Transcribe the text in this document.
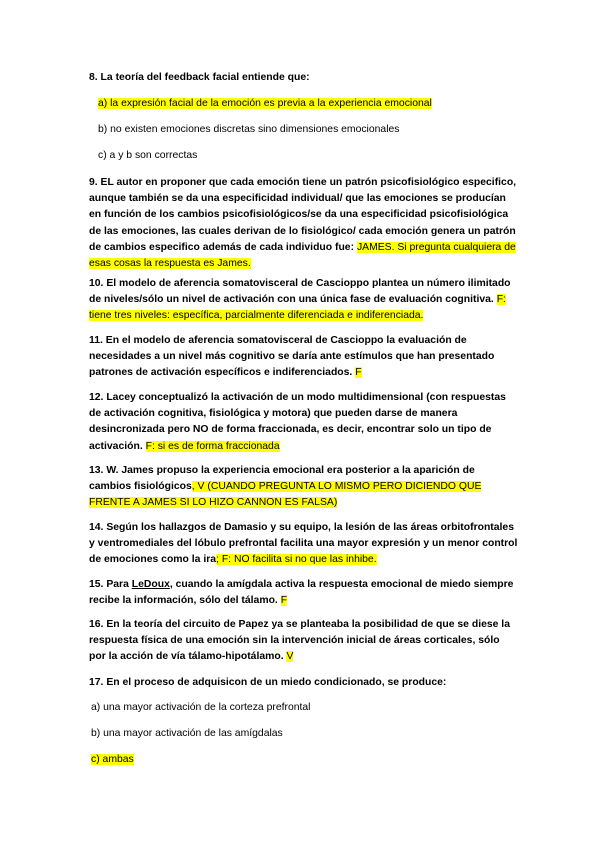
8. La teoría del feedback facial entiende que:

a) la expresión facial de la emoción es previa a la experiencia emocional

b) no existen emociones discretas sino dimensiones emocionales

c) a y b son correctas

9. EL autor en proponer que cada emoción tiene un patrón psicofisiológico especifico, aunque también se da una especificidad individual/ que las emociones se producían en función de los cambios psicofisiológicos/se da una especificidad psicofisiológica de las emociones, las cuales derivan de lo fisiológico/ cada emoción genera un patrón de cambios especifico además de cada individuo fue: JAMES. Si pregunta cualquiera de esas cosas la respuesta es James.

10. El modelo de aferencia somatovisceral de Cascioppo plantea un número ilimitado de niveles/sólo un nivel de activación con una única fase de evaluación cognitiva. F: tiene tres niveles: específica, parcialmente diferenciada e indiferenciada.

11. En el modelo de aferencia somatovisceral de Cascioppo la evaluación de necesidades a un nivel más cognitivo se daría ante estímulos que han presentado patrones de activación específicos e indiferenciados. F

12. Lacey conceptualizó la activación de un modo multidimensional (con respuestas de activación cognitiva, fisiológica y motora) que pueden darse de manera desincronizada pero NO de forma fraccionada, es decir, encontrar solo un tipo de activación. F: si es de forma fraccionada

13. W. James propuso la experiencia emocional era posterior a la aparición de cambios fisiológicos, V (CUANDO PREGUNTA LO MISMO PERO DICIENDO QUE FRENTE A JAMES SI LO HIZO CANNON ES FALSA)

14. Según los hallazgos de Damasio y su equipo, la lesión de las áreas orbitofrontales y ventromediales del lóbulo prefrontal facilita una mayor expresión y un menor control de emociones como la ira; F: NO facilita si no que las inhibe.

15. Para LeDoux, cuando la amígdala activa la respuesta emocional de miedo siempre recibe la información, sólo del tálamo. F

16. En la teoría del circuito de Papez ya se planteaba la posibilidad de que se diese la respuesta física de una emoción sin la intervención inicial de áreas corticales, sólo por la acción de vía tálamo-hipotálamo. V

17. En el proceso de adquisicon de un miedo condicionado, se produce:

a) una mayor activación de la corteza prefrontal

b) una mayor activación de las amígdalas

c) ambas
